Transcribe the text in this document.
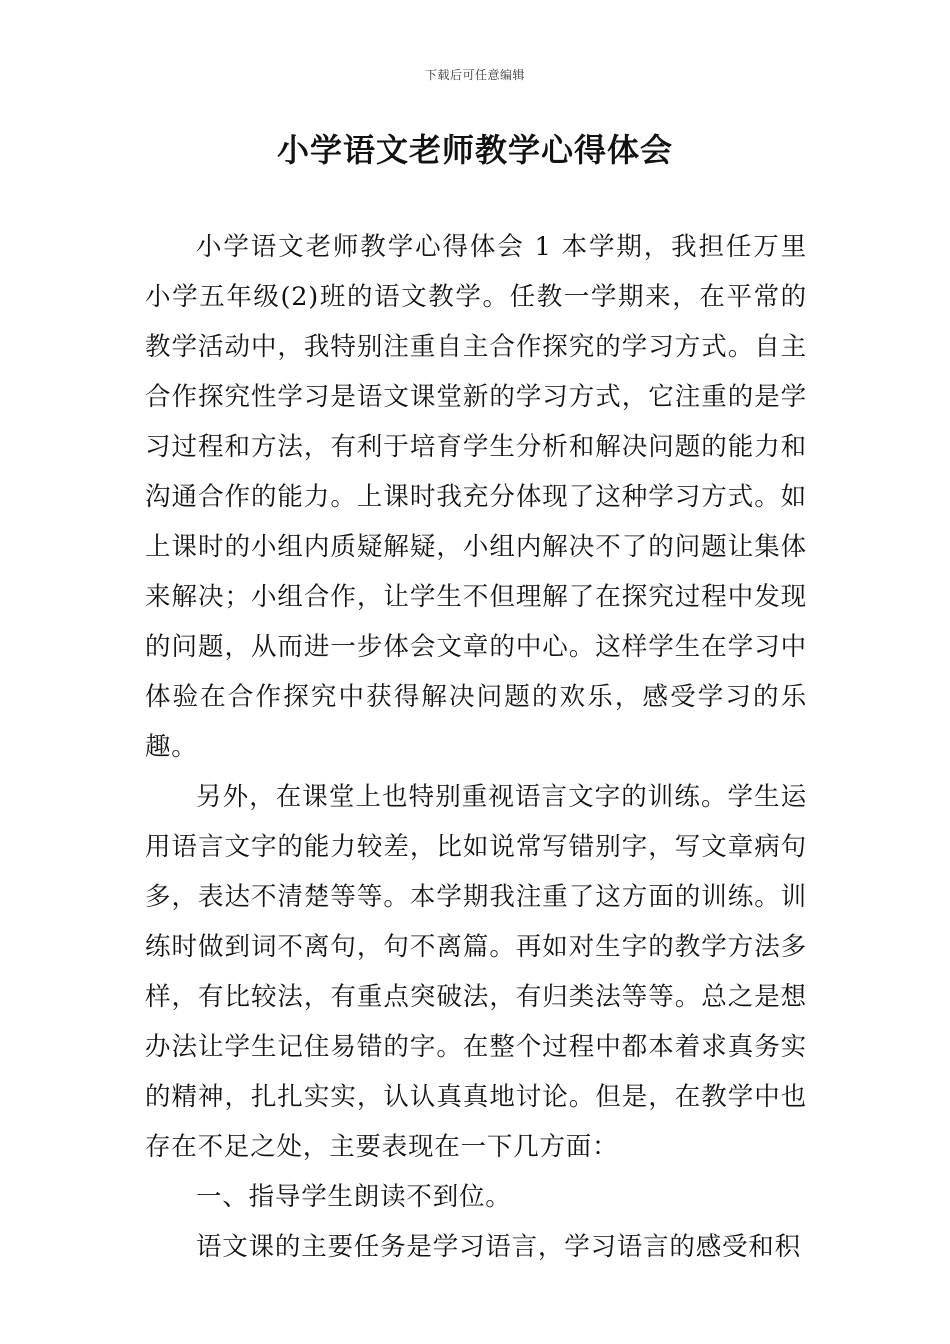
下载后可任意编辑
小学语文老师教学心得体会

小学语文老师教学心得体会 1 本学期，我担任万里小学五年级(2)班的语文教学。任教一学期来，在平常的教学活动中，我特别注重自主合作探究的学习方式。自主合作探究性学习是语文课堂新的学习方式，它注重的是学习过程和方法，有利于培育学生分析和解决问题的能力和沟通合作的能力。上课时我充分体现了这种学习方式。如上课时的小组内质疑解疑，小组内解决不了的问题让集体来解决；小组合作，让学生不但理解了在探究过程中发现的问题，从而进一步体会文章的中心。这样学生在学习中体验在合作探究中获得解决问题的欢乐，感受学习的乐趣。

另外，在课堂上也特别重视语言文字的训练。学生运用语言文字的能力较差，比如说常写错别字，写文章病句多，表达不清楚等等。本学期我注重了这方面的训练。训练时做到词不离句，句不离篇。再如对生字的教学方法多样，有比较法，有重点突破法，有归类法等等。总之是想办法让学生记住易错的字。在整个过程中都本着求真务实的精神，扎扎实实，认认真真地讨论。但是，在教学中也存在不足之处，主要表现在一下几方面：

一、指导学生朗读不到位。

语文课的主要任务是学习语言，学习语言的感受和积
